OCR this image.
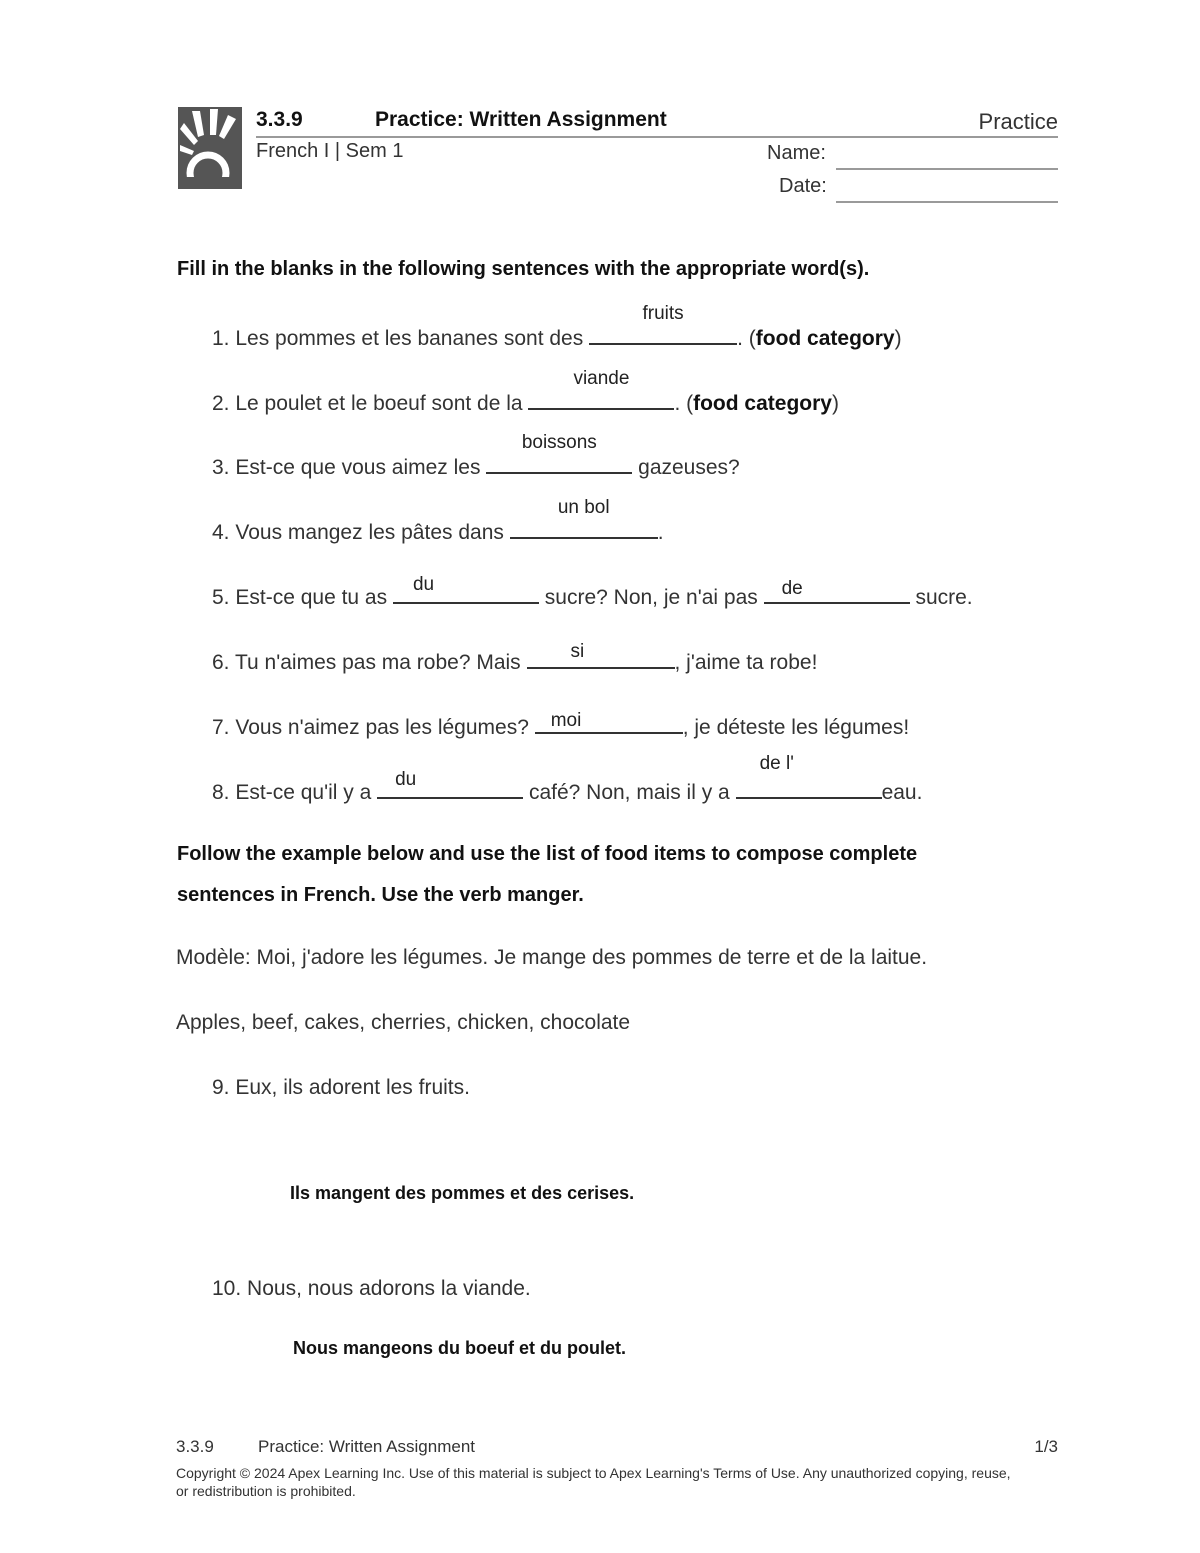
3.3.9	Practice: Written Assignment	Practice
French I | Sem 1	Name:
Date:
Fill in the blanks in the following sentences with the appropriate word(s).
1. Les pommes et les bananes sont des
fruits
. (food category)
2. Le poulet et le boeuf sont de la
viande
. (food category)
3. Est-ce que vous aimez les
boissons
gazeuses?
4. Vous mangez les pâtes dans
un bol
.
5. Est-ce que tu as
du
sucre? Non, je n'ai pas	de	sucre.
6. Tu n'aimes pas ma robe? Mais	si	, j'aime ta robe!
7. Vous n'aimez pas les légumes?	moi	, je déteste les légumes!
8. Est-ce qu'il y a
du
café? Non, mais il y a
de l'
eau.
Follow the example below and use the list of food items to compose complete
sentences in French. Use the verb manger.
Modèle: Moi, j'adore les légumes. Je mange des pommes de terre et de la laitue.
Apples, beef, cakes, cherries, chicken, chocolate
9. Eux, ils adorent les fruits.
Ils mangent des pommes et des cerises.
10. Nous, nous adorons la viande.
Nous mangeons du boeuf et du poulet.
3.3.9	Practice: Written Assignment	1/3
Copyright © 2024 Apex Learning Inc. Use of this material is subject to Apex Learning's Terms of Use. Any unauthorized copying, reuse, or redistribution is prohibited.
